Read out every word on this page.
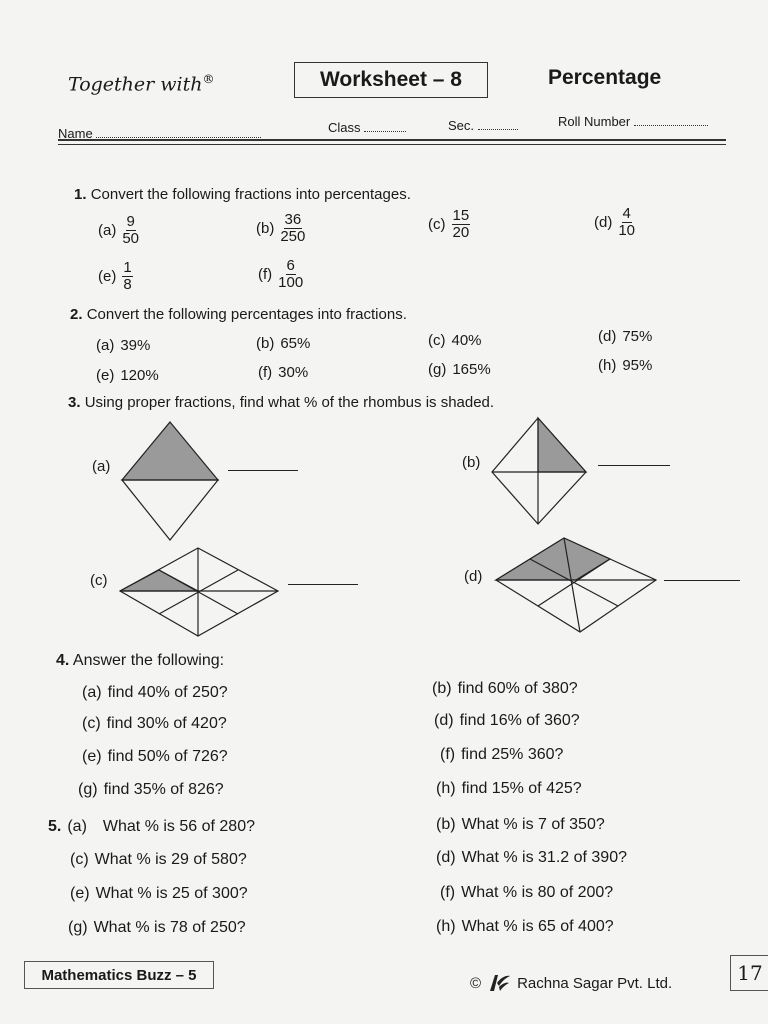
Together with®	Worksheet – 8	Percentage
Name	Class	Sec.	Roll Number
1. Convert the following fractions into percentages.
$(a) \frac{9}{50}$	$(b) \frac{36}{250}$	$(c) \frac{15}{20}$	$(d) \frac{4}{10}$
$(e) \frac{1}{8}$	$(f) \frac{6}{100}$
2. Convert the following percentages into fractions.
(a) 39%	(b) 65%	(c) 40%	(d) 75%
(e) 120%	(f) 30%	(g) 165%	(h) 95%
3. Using proper fractions, find what % of the rhombus is shaded.
(a)	(b)
(c)	(d)
4. Answer the following:
(a) find 40% of 250?	(b) find 60% of 380?
(c) find 30% of 420?	(d) find 16% of 360?
(e) find 50% of 726?	(f) find 25% 360?
(g) find 35% of 826?	(h) find 15% of 425?
5. (a) What % is 56 of 280?	(b) What % is 7 of 350?
(c) What % is 29 of 580?	(d) What % is 31.2 of 390?
(e) What % is 25 of 300?	(f) What % is 80 of 200?
(g) What % is 78 of 250?	(h) What % is 65 of 400?
Mathematics Buzz – 5	© Rachna Sagar Pvt. Ltd.	17
